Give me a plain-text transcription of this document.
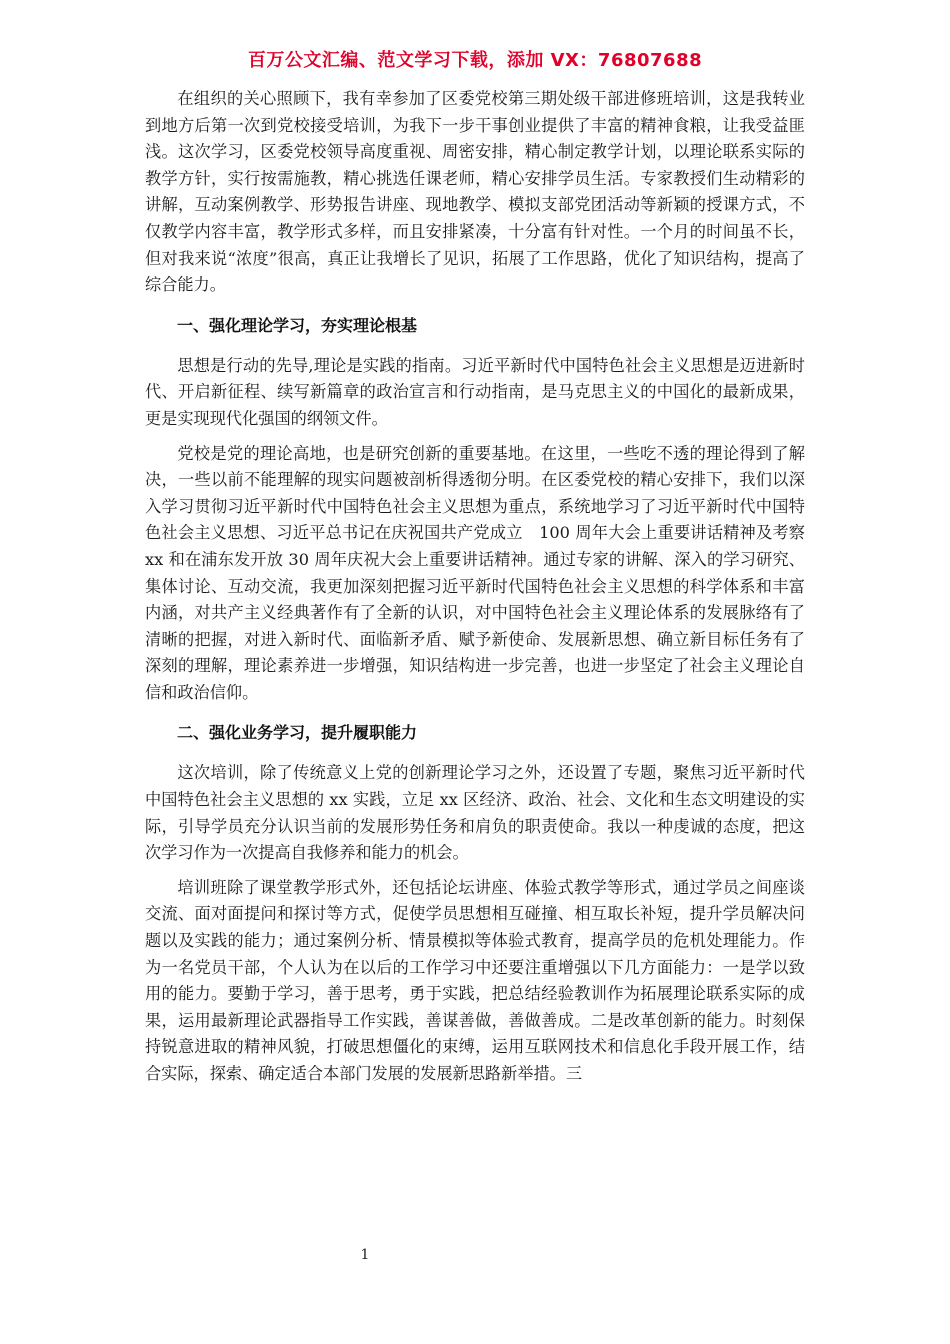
百万公文汇编、范文学习下载，添加 VX：76807688

在组织的关心照顾下，我有幸参加了区委党校第三期处级干部进修班培训，这是我转业到地方后第一次到党校接受培训，为我下一步干事创业提供了丰富的精神食粮，让我受益匪浅。这次学习，区委党校领导高度重视、周密安排，精心制定教学计划，以理论联系实际的教学方针，实行按需施教，精心挑选任课老师，精心安排学员生活。专家教授们生动精彩的讲解，互动案例教学、形势报告讲座、现地教学、模拟支部党团活动等新颖的授课方式，不仅教学内容丰富，教学形式多样，而且安排紧凑，十分富有针对性。一个月的时间虽不长，但对我来说“浓度”很高，真正让我增长了见识，拓展了工作思路，优化了知识结构，提高了综合能力。

一、强化理论学习，夯实理论根基

思想是行动的先导,理论是实践的指南。习近平新时代中国特色社会主义思想是迈进新时代、开启新征程、续写新篇章的政治宣言和行动指南，是马克思主义的中国化的最新成果，更是实现现代化强国的纲领文件。

党校是党的理论高地，也是研究创新的重要基地。在这里，一些吃不透的理论得到了解决，一些以前不能理解的现实问题被剖析得透彻分明。在区委党校的精心安排下，我们以深入学习贯彻习近平新时代中国特色社会主义思想为重点，系统地学习了习近平新时代中国特色社会主义思想、习近平总书记在庆祝国共产党成立　100 周年大会上重要讲话精神及考察 xx 和在浦东发开放 30 周年庆祝大会上重要讲话精神。通过专家的讲解、深入的学习研究、集体讨论、互动交流，我更加深刻把握习近平新时代国特色社会主义思想的科学体系和丰富内涵，对共产主义经典著作有了全新的认识，对中国特色社会主义理论体系的发展脉络有了清晰的把握，对进入新时代、面临新矛盾、赋予新使命、发展新思想、确立新目标任务有了深刻的理解，理论素养进一步增强，知识结构进一步完善，也进一步坚定了社会主义理论自信和政治信仰。

二、强化业务学习，提升履职能力

这次培训，除了传统意义上党的创新理论学习之外，还设置了专题，聚焦习近平新时代中国特色社会主义思想的 xx 实践，立足 xx 区经济、政治、社会、文化和生态文明建设的实际，引导学员充分认识当前的发展形势任务和肩负的职责使命。我以一种虔诚的态度，把这次学习作为一次提高自我修养和能力的机会。

培训班除了课堂教学形式外，还包括论坛讲座、体验式教学等形式，通过学员之间座谈交流、面对面提问和探讨等方式，促使学员思想相互碰撞、相互取长补短，提升学员解决问题以及实践的能力；通过案例分析、情景模拟等体验式教育，提高学员的危机处理能力。作为一名党员干部，个人认为在以后的工作学习中还要注重增强以下几方面能力：一是学以致用的能力。要勤于学习，善于思考，勇于实践，把总结经验教训作为拓展理论联系实际的成果，运用最新理论武器指导工作实践，善谋善做，善做善成。二是改革创新的能力。时刻保持锐意进取的精神风貌，打破思想僵化的束缚，运用互联网技术和信息化手段开展工作，结合实际，探索、确定适合本部门发展的发展新思路新举措。三

1
